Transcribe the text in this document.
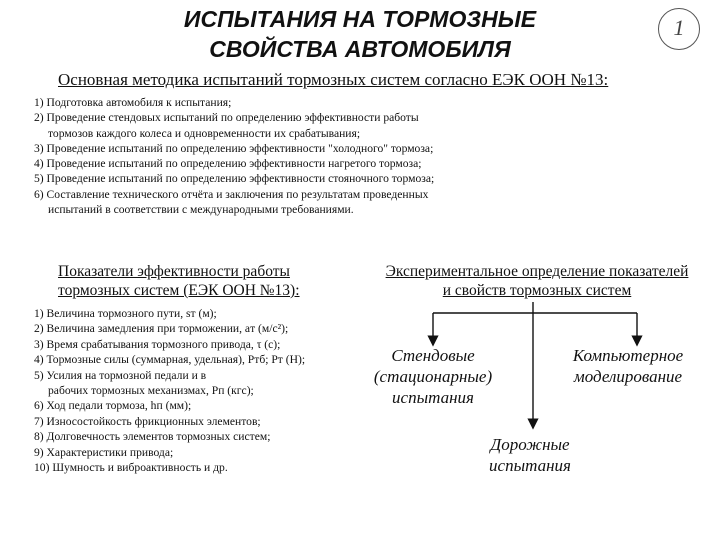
ИСПЫТАНИЯ НА ТОРМОЗНЫЕ
СВОЙСТВА АВТОМОБИЛЯ
1
Основная методика испытаний тормозных систем согласно ЕЭК ООН №13:
1) Подготовка автомобиля к испытания;
2) Проведение стендовых испытаний по определению эффективности работы
тормозов каждого колеса и одновременности их срабатывания;
3) Проведение испытаний по определению эффективности "холодного" тормоза;
4) Проведение испытаний по определению эффективности нагретого тормоза;
5) Проведение испытаний по определению эффективности стояночного тормоза;
6) Составление технического отчёта и заключения по результатам проведенных
испытаний в соответствии с международными требованиями.
Показатели эффективности работы
тормозных систем (ЕЭК ООН №13):
Экспериментальное определение показателей
и свойств тормозных систем
1) Величина тормозного пути, sт (м);
2) Величина замедления при торможении, aт (м/с²);
3) Время срабатывания тормозного привода, τ (с);
4) Тормозные силы (суммарная, удельная), Pтб; Pт (Н);
5) Усилия на тормозной педали и в
рабочих тормозных механизмах, Pп (кгс);
6) Ход педали тормоза, hп (мм);
7) Износостойкость фрикционных элементов;
8) Долговечность элементов тормозных систем;
9) Характеристики привода;
10) Шумность и виброактивность и др.
Стендовые
(стационарные)
испытания
Компьютерное
моделирование
Дорожные
испытания
